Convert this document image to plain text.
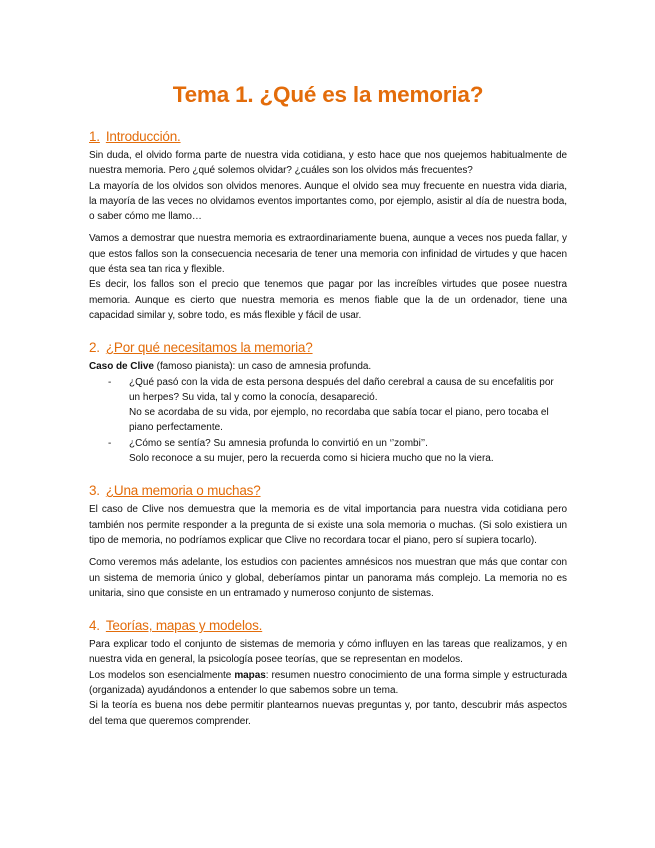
Tema 1. ¿Qué es la memoria?
1. Introducción.

Sin duda, el olvido forma parte de nuestra vida cotidiana, y esto hace que nos quejemos habitualmente de nuestra memoria. Pero ¿qué solemos olvidar? ¿cuáles son los olvidos más frecuentes?

La mayoría de los olvidos son olvidos menores. Aunque el olvido sea muy frecuente en nuestra vida diaria, la mayoría de las veces no olvidamos eventos importantes como, por ejemplo, asistir al día de nuestra boda, o saber cómo me llamo…

Vamos a demostrar que nuestra memoria es extraordinariamente buena, aunque a veces nos pueda fallar, y que estos fallos son la consecuencia necesaria de tener una memoria con infinidad de virtudes y que hacen que ésta sea tan rica y flexible.

Es decir, los fallos son el precio que tenemos que pagar por las increíbles virtudes que posee nuestra memoria. Aunque es cierto que nuestra memoria es menos fiable que la de un ordenador, tiene una capacidad similar y, sobre todo, es más flexible y fácil de usar.

2. ¿Por qué necesitamos la memoria?

Caso de Clive (famoso pianista): un caso de amnesia profunda.

- ¿Qué pasó con la vida de esta persona después del daño cerebral a causa de su encefalitis por un herpes? Su vida, tal y como la conocía, desapareció.
No se acordaba de su vida, por ejemplo, no recordaba que sabía tocar el piano, pero tocaba el piano perfectamente.
- ¿Cómo se sentía? Su amnesia profunda lo convirtió en un ‘’zombi’’.
Solo reconoce a su mujer, pero la recuerda como si hiciera mucho que no la viera.
3. ¿Una memoria o muchas?

El caso de Clive nos demuestra que la memoria es de vital importancia para nuestra vida cotidiana pero también nos permite responder a la pregunta de si existe una sola memoria o muchas. (Si solo existiera un tipo de memoria, no podríamos explicar que Clive no recordara tocar el piano, pero sí supiera tocarlo).

Como veremos más adelante, los estudios con pacientes amnésicos nos muestran que más que contar con un sistema de memoria único y global, deberíamos pintar un panorama más complejo. La memoria no es unitaria, sino que consiste en un entramado y numeroso conjunto de sistemas.

4. Teorías, mapas y modelos.

Para explicar todo el conjunto de sistemas de memoria y cómo influyen en las tareas que realizamos, y en nuestra vida en general, la psicología posee teorías, que se representan en modelos.

Los modelos son esencialmente mapas: resumen nuestro conocimiento de una forma simple y estructurada (organizada) ayudándonos a entender lo que sabemos sobre un tema.

Si la teoría es buena nos debe permitir plantearnos nuevas preguntas y, por tanto, descubrir más aspectos del tema que queremos comprender.
